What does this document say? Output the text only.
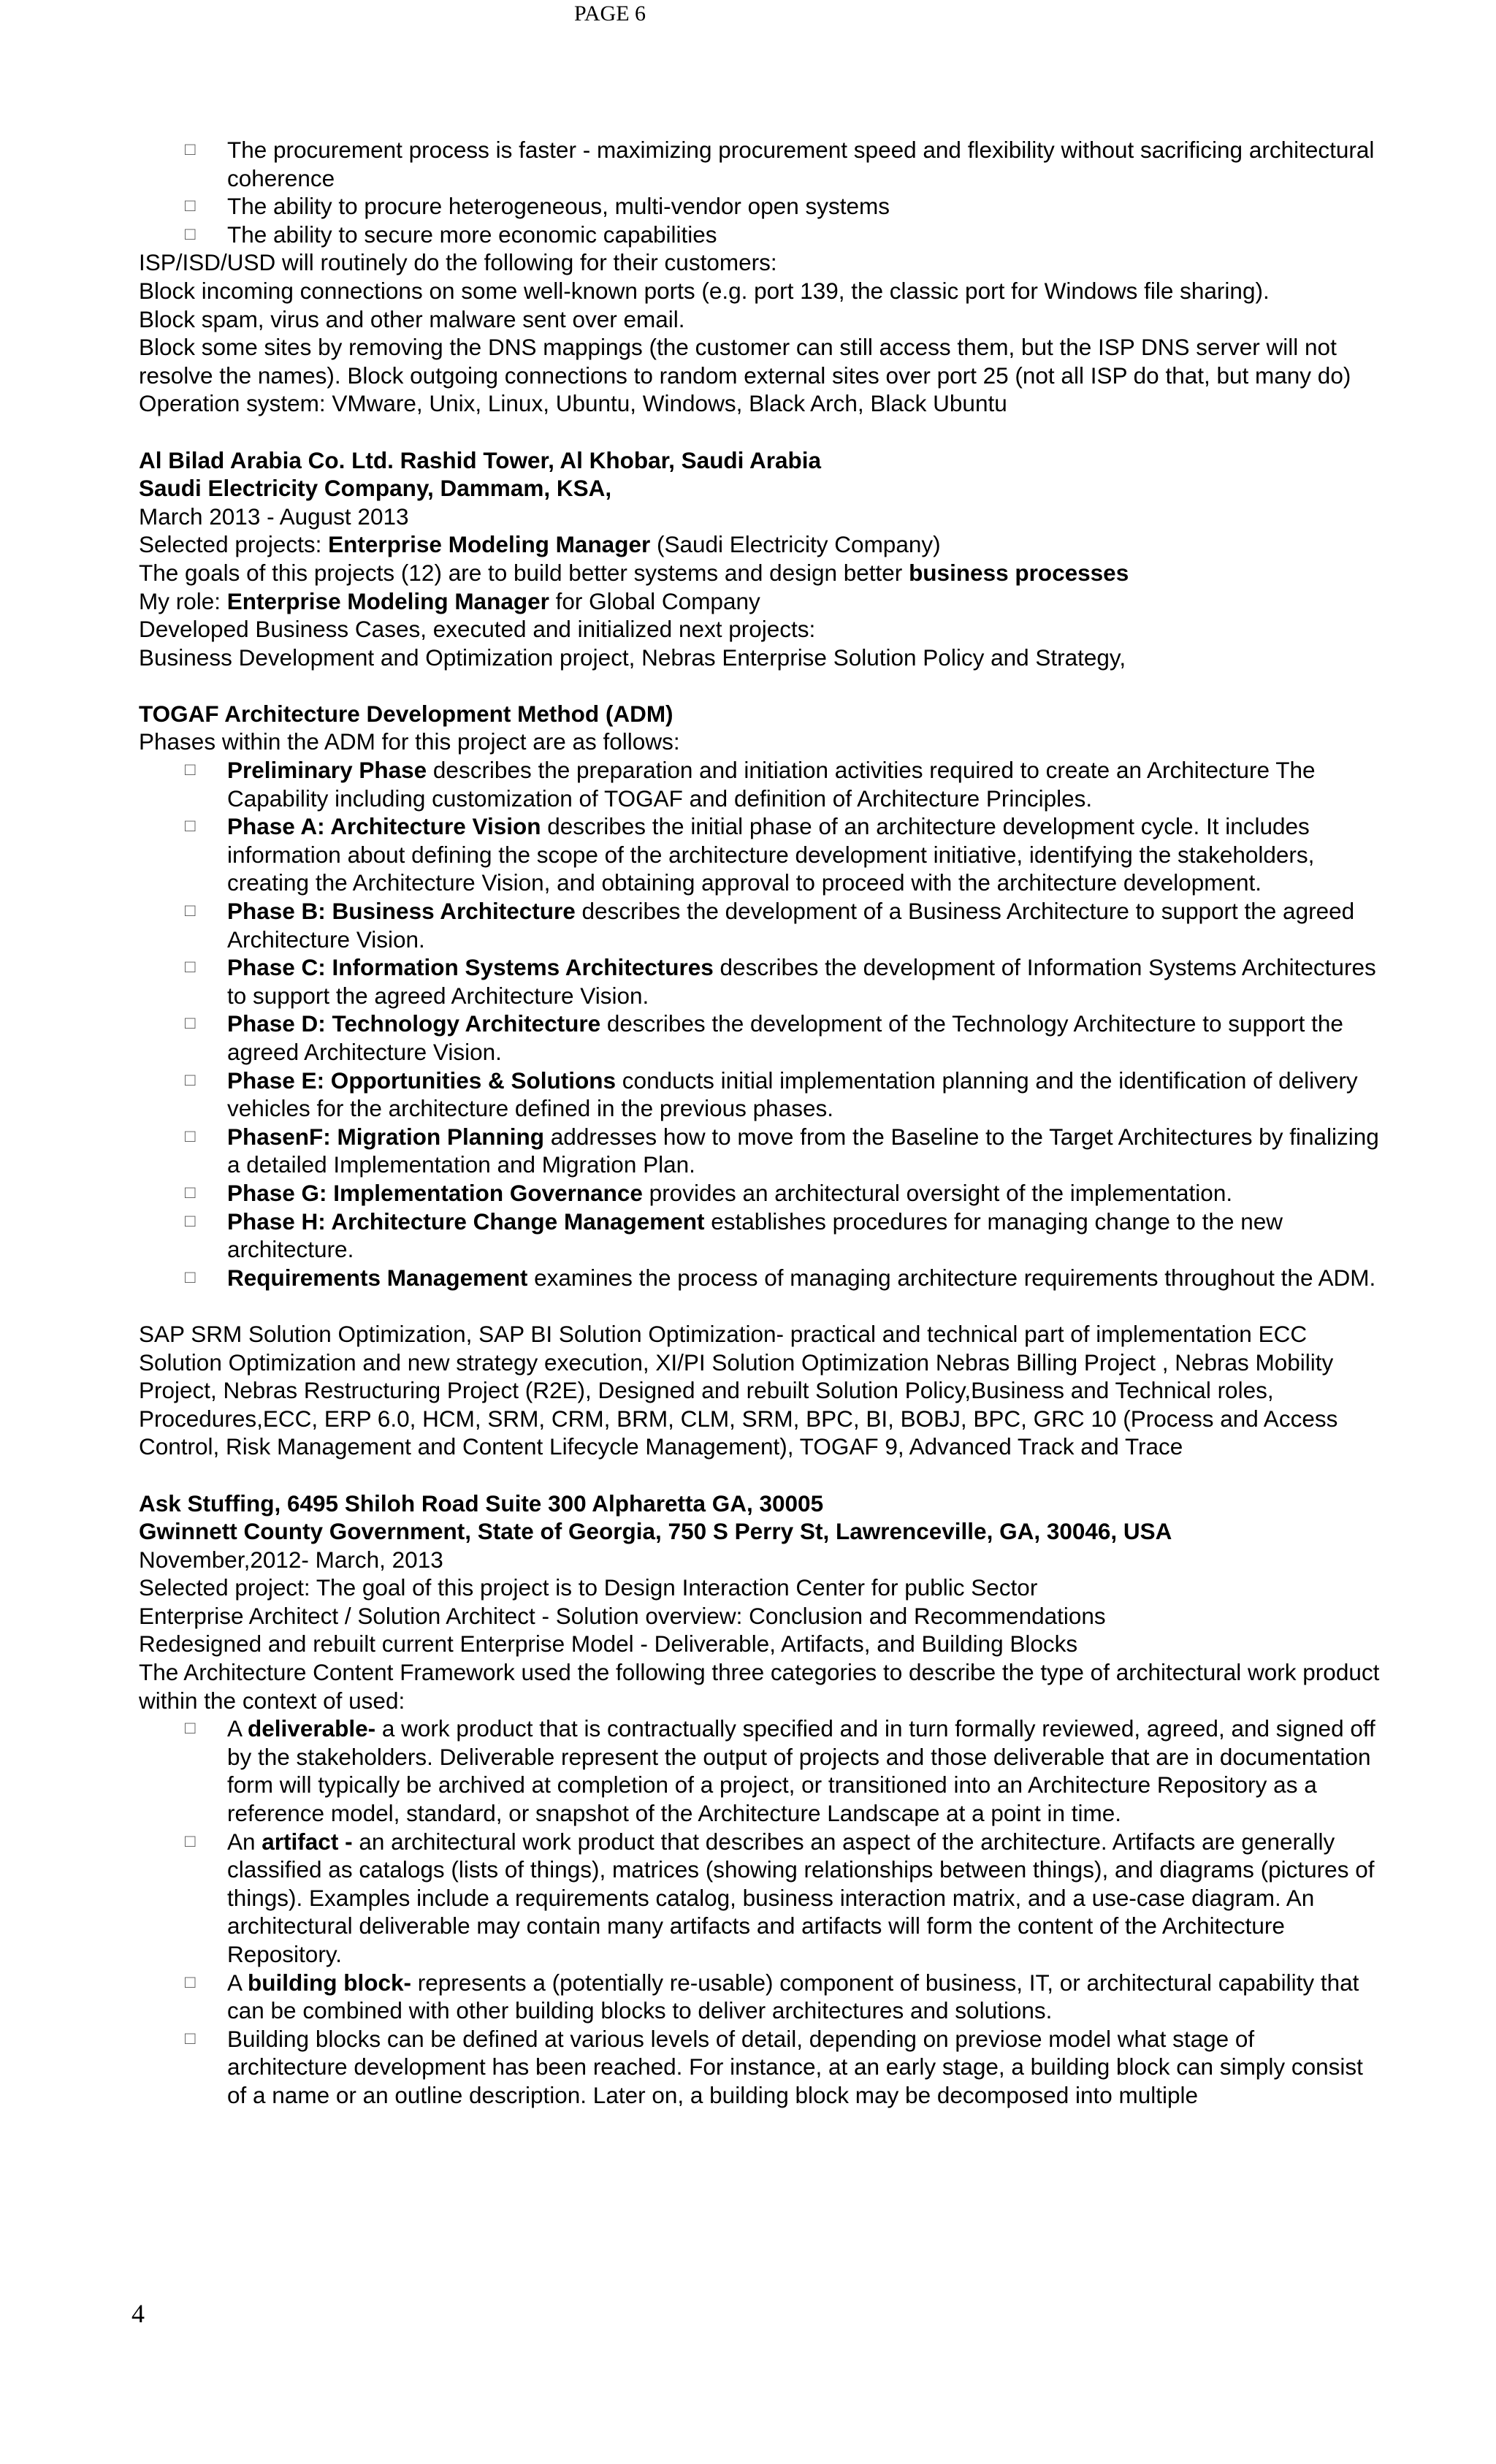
PAGE 6
□ The procurement process is faster - maximizing procurement speed and flexibility without sacrificing architectural coherence
□ The ability to procure heterogeneous, multi-vendor open systems
□ The ability to secure more economic capabilities

ISP/ISD/USD will routinely do the following for their customers:

Block incoming connections on some well-known ports (e.g. port 139, the classic port for Windows file sharing).

Block spam, virus and other malware sent over email.

Block some sites by removing the DNS mappings (the customer can still access them, but the ISP DNS server will not resolve the names). Block outgoing connections to random external sites over port 25 (not all ISP do that, but many do) Operation system: VMware, Unix, Linux, Ubuntu, Windows, Black Arch, Black Ubuntu

Al Bilad Arabia Co. Ltd. Rashid Tower, Al Khobar, Saudi Arabia

Saudi Electricity Company, Dammam, KSA,

March 2013 - August 2013

Selected projects: Enterprise Modeling Manager (Saudi Electricity Company)

The goals of this projects (12) are to build better systems and design better business processes

My role: Enterprise Modeling Manager for Global Company

Developed Business Cases, executed and initialized next projects:

Business Development and Optimization project, Nebras Enterprise Solution Policy and Strategy,

TOGAF Architecture Development Method (ADM)

Phases within the ADM for this project are as follows:

□ Preliminary Phase describes the preparation and initiation activities required to create an Architecture The Capability including customization of TOGAF and definition of Architecture Principles.
□ Phase A: Architecture Vision describes the initial phase of an architecture development cycle. It includes information about defining the scope of the architecture development initiative, identifying the stakeholders, creating the Architecture Vision, and obtaining approval to proceed with the architecture development.
□ Phase B: Business Architecture describes the development of a Business Architecture to support the agreed Architecture Vision.
□ Phase C: Information Systems Architectures describes the development of Information Systems Architectures to support the agreed Architecture Vision.
□ Phase D: Technology Architecture describes the development of the Technology Architecture to support the agreed Architecture Vision.
□ Phase E: Opportunities & Solutions conducts initial implementation planning and the identification of delivery vehicles for the architecture defined in the previous phases.
□ PhasenF: Migration Planning addresses how to move from the Baseline to the Target Architectures by finalizing a detailed Implementation and Migration Plan.
□ Phase G: Implementation Governance provides an architectural oversight of the implementation.
□ Phase H: Architecture Change Management establishes procedures for managing change to the new architecture.
□ Requirements Management examines the process of managing architecture requirements throughout the ADM.

SAP SRM Solution Optimization, SAP BI Solution Optimization- practical and technical part of implementation ECC Solution Optimization and new strategy execution, XI/PI Solution Optimization Nebras Billing Project , Nebras Mobility Project, Nebras Restructuring Project (R2E), Designed and rebuilt Solution Policy,Business and Technical roles, Procedures,ECC, ERP 6.0, HCM, SRM, CRM, BRM, CLM, SRM, BPC, BI, BOBJ, BPC, GRC 10 (Process and Access Control, Risk Management and Content Lifecycle Management), TOGAF 9, Advanced Track and Trace

Ask Stuffing, 6495 Shiloh Road Suite 300 Alpharetta GA, 30005

Gwinnett County Government, State of Georgia, 750 S Perry St, Lawrenceville, GA, 30046, USA

November,2012- March, 2013

Selected project: The goal of this project is to Design Interaction Center for public Sector

Enterprise Architect / Solution Architect - Solution overview: Conclusion and Recommendations

Redesigned and rebuilt current Enterprise Model - Deliverable, Artifacts, and Building Blocks

The Architecture Content Framework used the following three categories to describe the type of architectural work product within the context of used:

□ A deliverable- a work product that is contractually specified and in turn formally reviewed, agreed, and signed off by the stakeholders. Deliverable represent the output of projects and those deliverable that are in documentation form will typically be archived at completion of a project, or transitioned into an Architecture Repository as a reference model, standard, or snapshot of the Architecture Landscape at a point in time.
□ An artifact - an architectural work product that describes an aspect of the architecture. Artifacts are generally classified as catalogs (lists of things), matrices (showing relationships between things), and diagrams (pictures of things). Examples include a requirements catalog, business interaction matrix, and a use-case diagram. An architectural deliverable may contain many artifacts and artifacts will form the content of the Architecture Repository.
□ A building block- represents a (potentially re-usable) component of business, IT, or architectural capability that can be combined with other building blocks to deliver architectures and solutions.
□ Building blocks can be defined at various levels of detail, depending on previose model what stage of architecture development has been reached. For instance, at an early stage, a building block can simply consist of a name or an outline description. Later on, a building block may be decomposed into multiple
4
